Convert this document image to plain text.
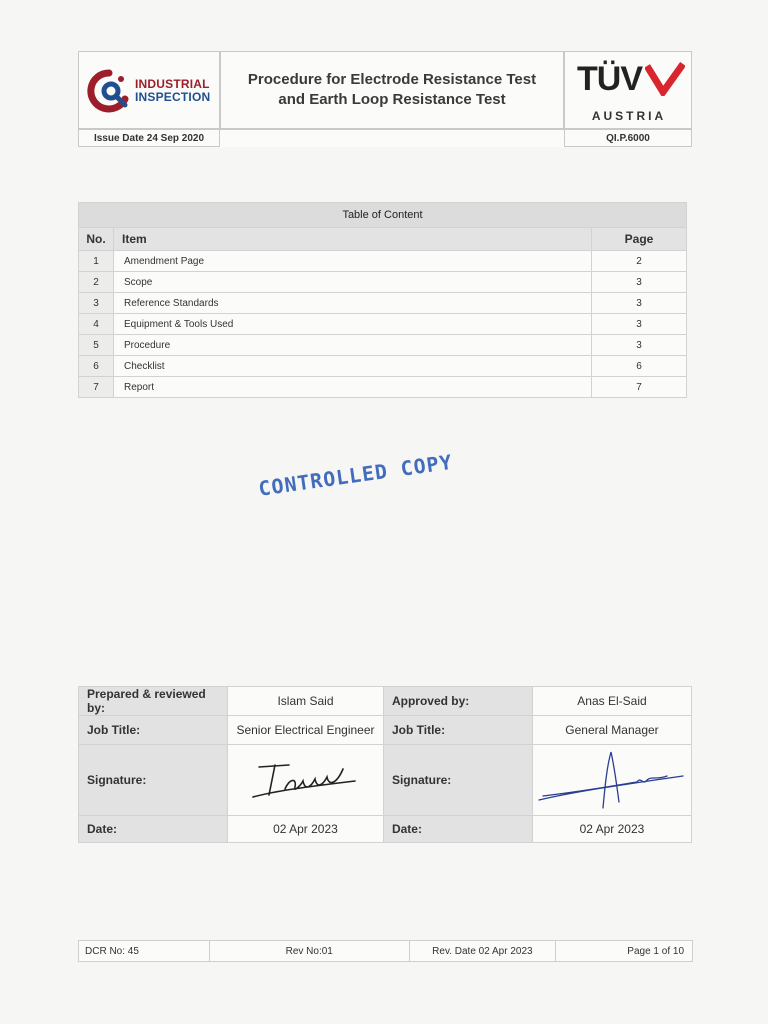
INDUSTRIAL
INSPECTION
Procedure for Electrode Resistance Test
and Earth Loop Resistance Test
TÜV
AUSTRIA
Issue Date 24 Sep 2020	QI.P.6000
Table of Content		
No.	Item	Page
1	Amendment Page	2
2	Scope	3
3	Reference Standards	3
4	Equipment & Tools Used	3
5	Procedure	3
6	Checklist	6
7	Report	7
CONTROLLED COPY
Prepared & reviewed by:	Islam Said	Approved by:	Anas El-Said
Job Title:	Senior Electrical Engineer	Job Title:	General Manager
Signature:		Signature:	

Date:	02 Apr 2023	Date:	02 Apr 2023
DCR No: 45	Rev No:01	Rev. Date 02 Apr 2023	Page 1 of 10
